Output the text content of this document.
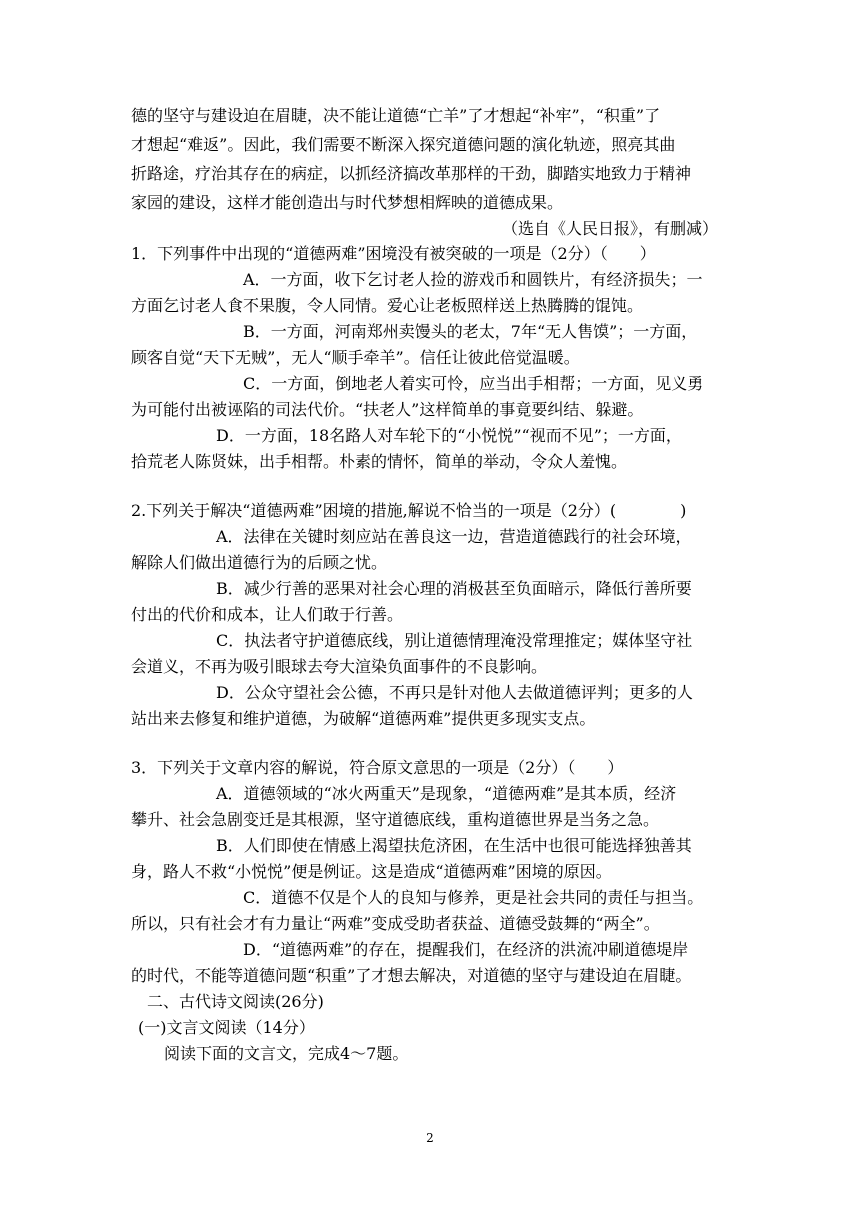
德的坚守与建设迫在眉睫，决不能让道德“亡羊”了才想起“补牢”，“积重”了
才想起“难返”。因此，我们需要不断深入探究道德问题的演化轨迹，照亮其曲
折路途，疗治其存在的病症，以抓经济搞改革那样的干劲，脚踏实地致力于精神
家园的建设，这样才能创造出与时代梦想相辉映的道德成果。
（选自《人民日报》，有删减）
1．下列事件中出现的“道德两难”困境没有被突破的一项是（2分）（　　）
A．一方面，收下乞讨老人捡的游戏币和圆铁片，有经济损失；一
方面乞讨老人食不果腹，令人同情。爱心让老板照样送上热腾腾的馄饨。
B．一方面，河南郑州卖馒头的老太，7年“无人售馍”；一方面，
顾客自觉“天下无贼”，无人“顺手牵羊”。信任让彼此倍觉温暖。
C．一方面，倒地老人着实可怜，应当出手相帮；一方面，见义勇
为可能付出被诬陷的司法代价。“扶老人”这样简单的事竟要纠结、躲避。
D．一方面，18名路人对车轮下的“小悦悦”“视而不见”；一方面，
拾荒老人陈贤妹，出手相帮。朴素的情怀，简单的举动，令众人羞愧。
2.下列关于解决“道德两难”困境的措施,解说不恰当的一项是（2分）(　　　　)
A．法律在关键时刻应站在善良这一边，营造道德践行的社会环境，
解除人们做出道德行为的后顾之忧。
B．减少行善的恶果对社会心理的消极甚至负面暗示，降低行善所要
付出的代价和成本，让人们敢于行善。
C．执法者守护道德底线，别让道德情理淹没常理推定；媒体坚守社
会道义，不再为吸引眼球去夸大渲染负面事件的不良影响。
D．公众守望社会公德，不再只是针对他人去做道德评判；更多的人
站出来去修复和维护道德，为破解“道德两难”提供更多现实支点。
3．下列关于文章内容的解说，符合原文意思的一项是（2分）（　　）
A．道德领域的“冰火两重天”是现象，“道德两难”是其本质，经济
攀升、社会急剧变迁是其根源，坚守道德底线，重构道德世界是当务之急。
B．人们即使在情感上渴望扶危济困，在生活中也很可能选择独善其
身，路人不救“小悦悦”便是例证。这是造成“道德两难”困境的原因。
C．道德不仅是个人的良知与修养，更是社会共同的责任与担当。
所以，只有社会才有力量让“两难”变成受助者获益、道德受鼓舞的“两全”。
D．“道德两难”的存在，提醒我们，在经济的洪流冲刷道德堤岸
的时代，不能等道德问题“积重”了才想去解决，对道德的坚守与建设迫在眉睫。
二、古代诗文阅读(26分)
(一)文言文阅读（14分）
阅读下面的文言文，完成4～7题。
2
